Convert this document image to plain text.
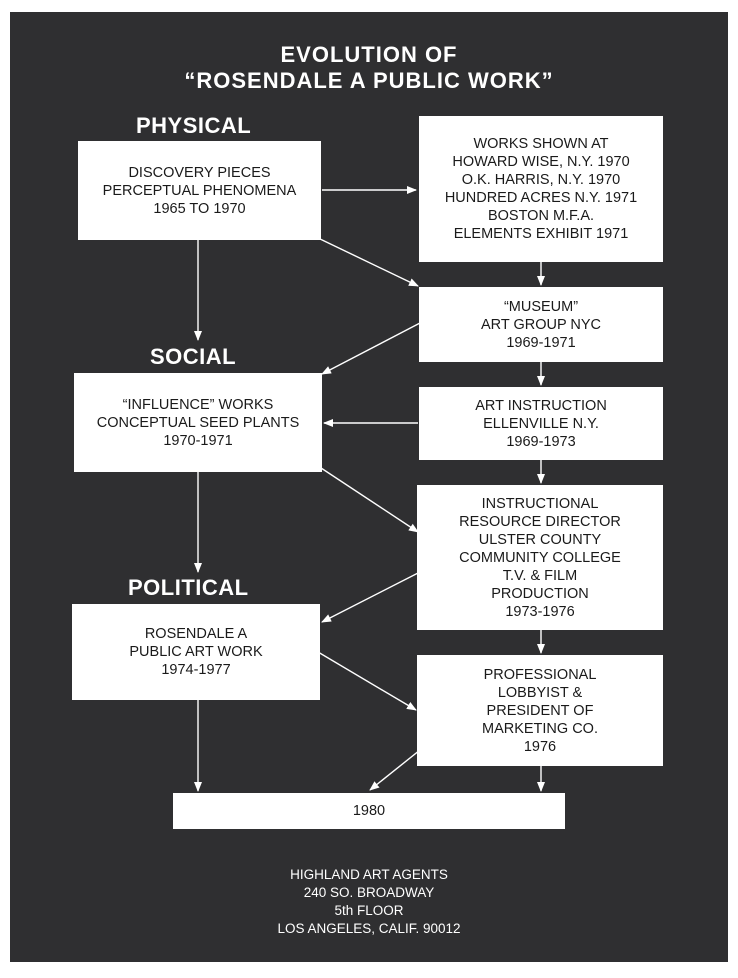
EVOLUTION OF
“ROSENDALE A PUBLIC WORK”
PHYSICAL
SOCIAL
POLITICAL
DISCOVERY PIECES
PERCEPTUAL PHENOMENA
1965 TO 1970
WORKS SHOWN AT
HOWARD WISE, N.Y. 1970
O.K. HARRIS, N.Y. 1970
HUNDRED ACRES N.Y. 1971
BOSTON M.F.A.
ELEMENTS EXHIBIT 1971
“MUSEUM”
ART GROUP NYC
1969-1971
“INFLUENCE” WORKS
CONCEPTUAL SEED PLANTS
1970-1971
ART INSTRUCTION
ELLENVILLE N.Y.
1969-1973
INSTRUCTIONAL
RESOURCE DIRECTOR
ULSTER COUNTY
COMMUNITY COLLEGE
T.V. & FILM
PRODUCTION
1973-1976
ROSENDALE A
PUBLIC ART WORK
1974-1977	PROFESSIONAL
LOBBYIST &
PRESIDENT OF
MARKETING CO.
1976
1980
HIGHLAND ART AGENTS
240 SO. BROADWAY
5th FLOOR
LOS ANGELES, CALIF. 90012
